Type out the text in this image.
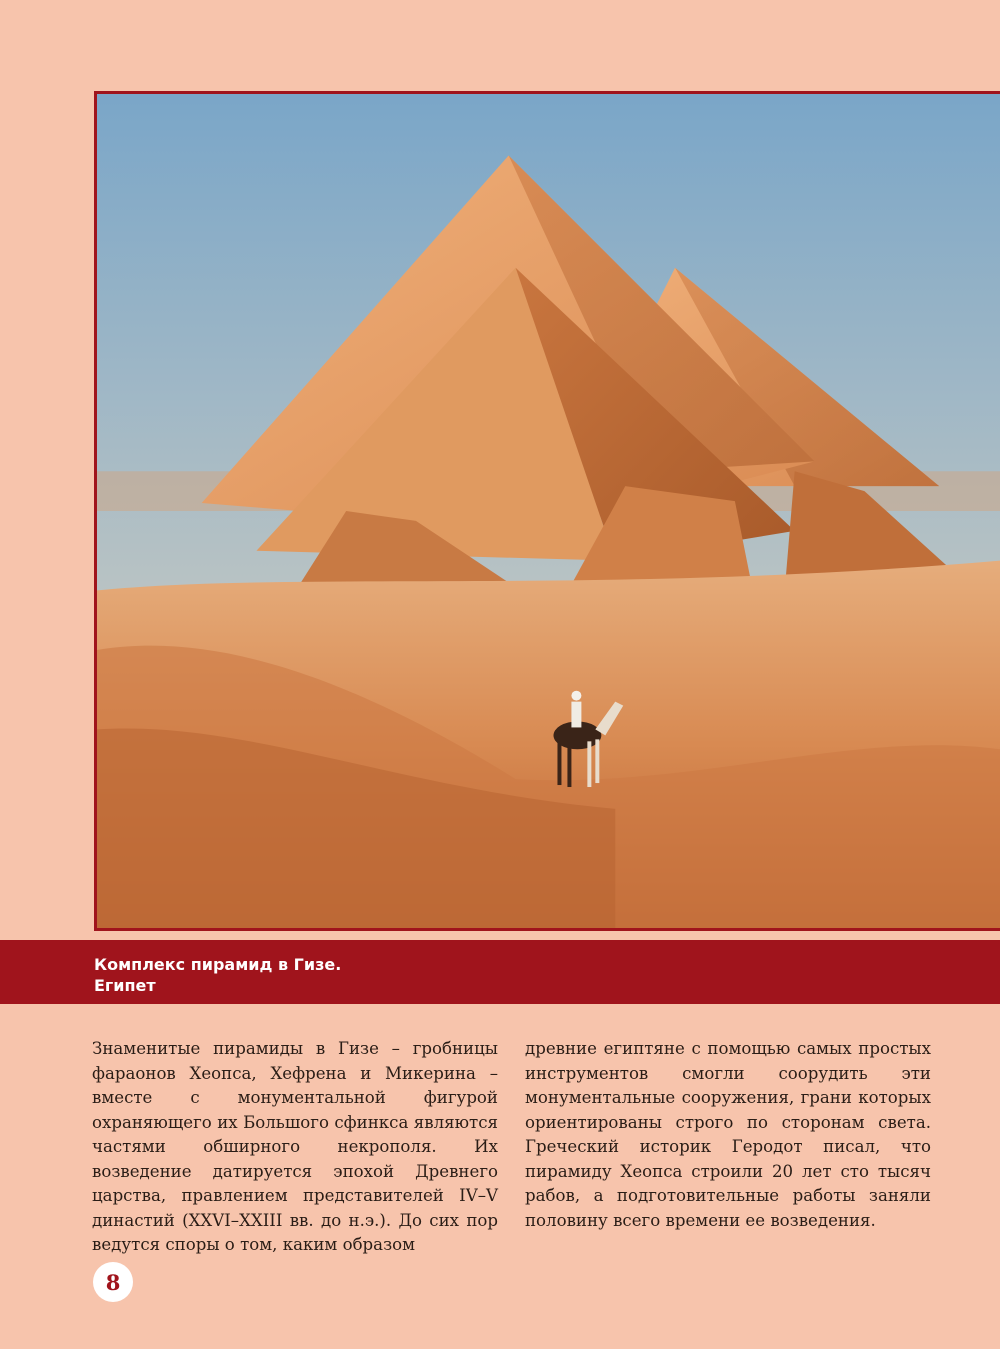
Комплекс пирамид в Гизе.
Египет

Знаменитые пирамиды в Гизе – гробницы фараонов Хеопса, Хефрена и Микерина – вместе с монументальной фигурой охраняющего их Большого сфинкса являются частями обширного некрополя. Их возведение датируется эпохой Древнего царства, правлением представителей IV–V династий (XXVI–XXIII вв. до н.э.). До сих пор ведутся споры о том, каким образом

древние египтяне с помощью самых простых инструментов смогли соорудить эти монументальные сооружения, грани которых ориентированы строго по сторонам света. Греческий историк Геродот писал, что пирамиду Хеопса строили 20 лет сто тысяч рабов, а подготовительные работы заняли половину всего времени ее возведения.

8
